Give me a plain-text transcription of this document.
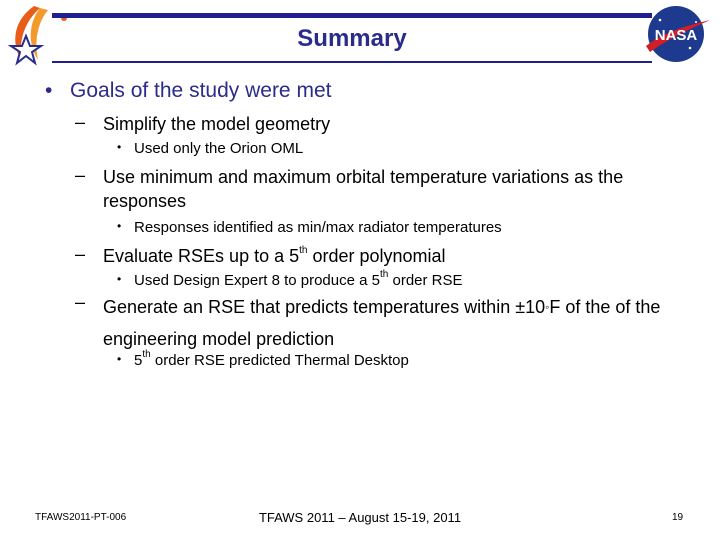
Summary	NASA
• Goals of the study were met
– Simplify the model geometry
• Used only the Orion OML
– Use minimum and maximum orbital temperature variations as the responses
• Responses identified as min/max radiator temperatures
– Evaluate RSEs up to a 5th order polynomial
• Used Design Expert 8 to produce a 5th order RSE
– Generate an RSE that predicts temperatures within ±10◦F of the of the engineering model prediction
• 5th order RSE predicted Thermal Desktop
TFAWS2011-PT-006	TFAWS 2011 – August 15-19, 2011	19
